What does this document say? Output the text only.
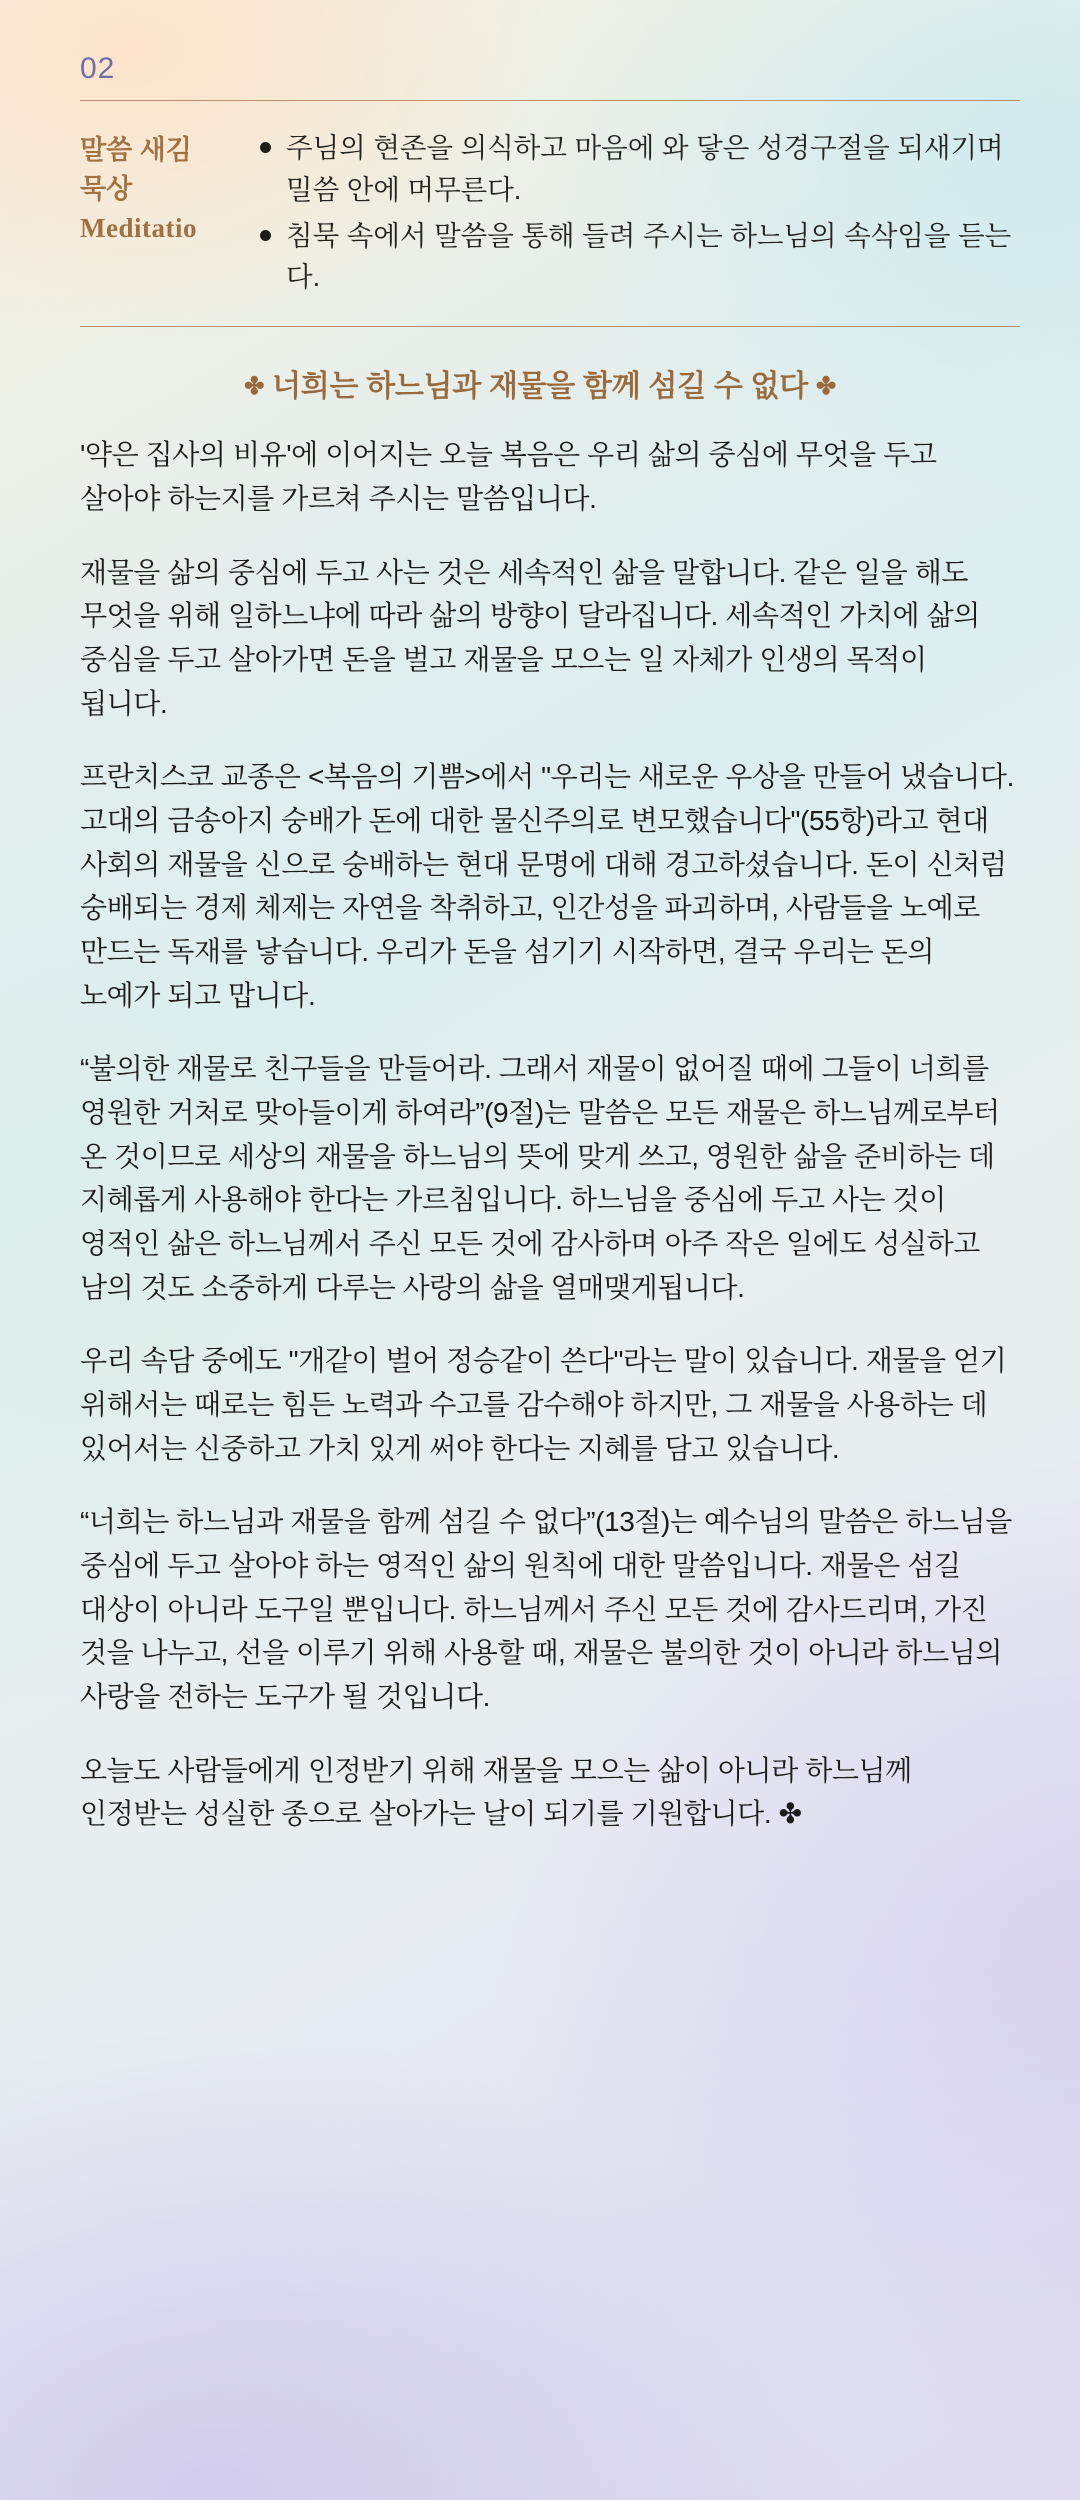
02
말씀 새김
묵상
Meditatio
주님의 현존을 의식하고 마음에 와 닿은 성경구절을 되새기며 밀씀 안에 머무른다.
침묵 속에서 말씀을 통해 들려 주시는 하느님의 속삭임을 듣는다.
✤ 너희는 하느님과 재물을 함께 섬길 수 없다 ✤

'약은 집사의 비유'에 이어지는 오늘 복음은 우리 삶의 중심에 무엇을 두고 살아야 하는지를 가르쳐 주시는 말씀입니다.

재물을 삶의 중심에 두고 사는 것은 세속적인 삶을 말합니다. 같은 일을 해도 무엇을 위해 일하느냐에 따라 삶의 방향이 달라집니다. 세속적인 가치에 삶의 중심을 두고 살아가면 돈을 벌고 재물을 모으는 일 자체가 인생의 목적이 됩니다.

프란치스코 교종은 <복음의 기쁨>에서 "우리는 새로운 우상을 만들어 냈습니다. 고대의 금송아지 숭배가 돈에 대한 물신주의로 변모했습니다"(55항)라고 현대 사회의 재물을 신으로 숭배하는 현대 문명에 대해 경고하셨습니다. 돈이 신처럼 숭배되는 경제 체제는 자연을 착취하고, 인간성을 파괴하며, 사람들을 노예로 만드는 독재를 낳습니다. 우리가 돈을 섬기기 시작하면, 결국 우리는 돈의 노예가 되고 맙니다.

“불의한 재물로 친구들을 만들어라. 그래서 재물이 없어질 때에 그들이 너희를 영원한 거처로 맞아들이게 하여라”(9절)는 말씀은 모든 재물은 하느님께로부터 온 것이므로 세상의 재물을 하느님의 뜻에 맞게 쓰고, 영원한 삶을 준비하는 데 지혜롭게 사용해야 한다는 가르침입니다. 하느님을 중심에 두고 사는 것이 영적인 삶은 하느님께서 주신 모든 것에 감사하며 아주 작은 일에도 성실하고 남의 것도 소중하게 다루는 사랑의 삶을 열매맺게됩니다.

우리 속담 중에도 "개같이 벌어 정승같이 쓴다"라는 말이 있습니다. 재물을 얻기 위해서는 때로는 힘든 노력과 수고를 감수해야 하지만, 그 재물을 사용하는 데 있어서는 신중하고 가치 있게 써야 한다는 지혜를 담고 있습니다.

“너희는 하느님과 재물을 함께 섬길 수 없다”(13절)는 예수님의 말씀은 하느님을 중심에 두고 살아야 하는 영적인 삶의 원칙에 대한 말씀입니다. 재물은 섬길 대상이 아니라 도구일 뿐입니다. 하느님께서 주신 모든 것에 감사드리며, 가진 것을 나누고, 선을 이루기 위해 사용할 때, 재물은 불의한 것이 아니라 하느님의 사랑을 전하는 도구가 될 것입니다.

오늘도 사람들에게 인정받기 위해 재물을 모으는 삶이 아니라 하느님께 인정받는 성실한 종으로 살아가는 날이 되기를 기원합니다. ✤
